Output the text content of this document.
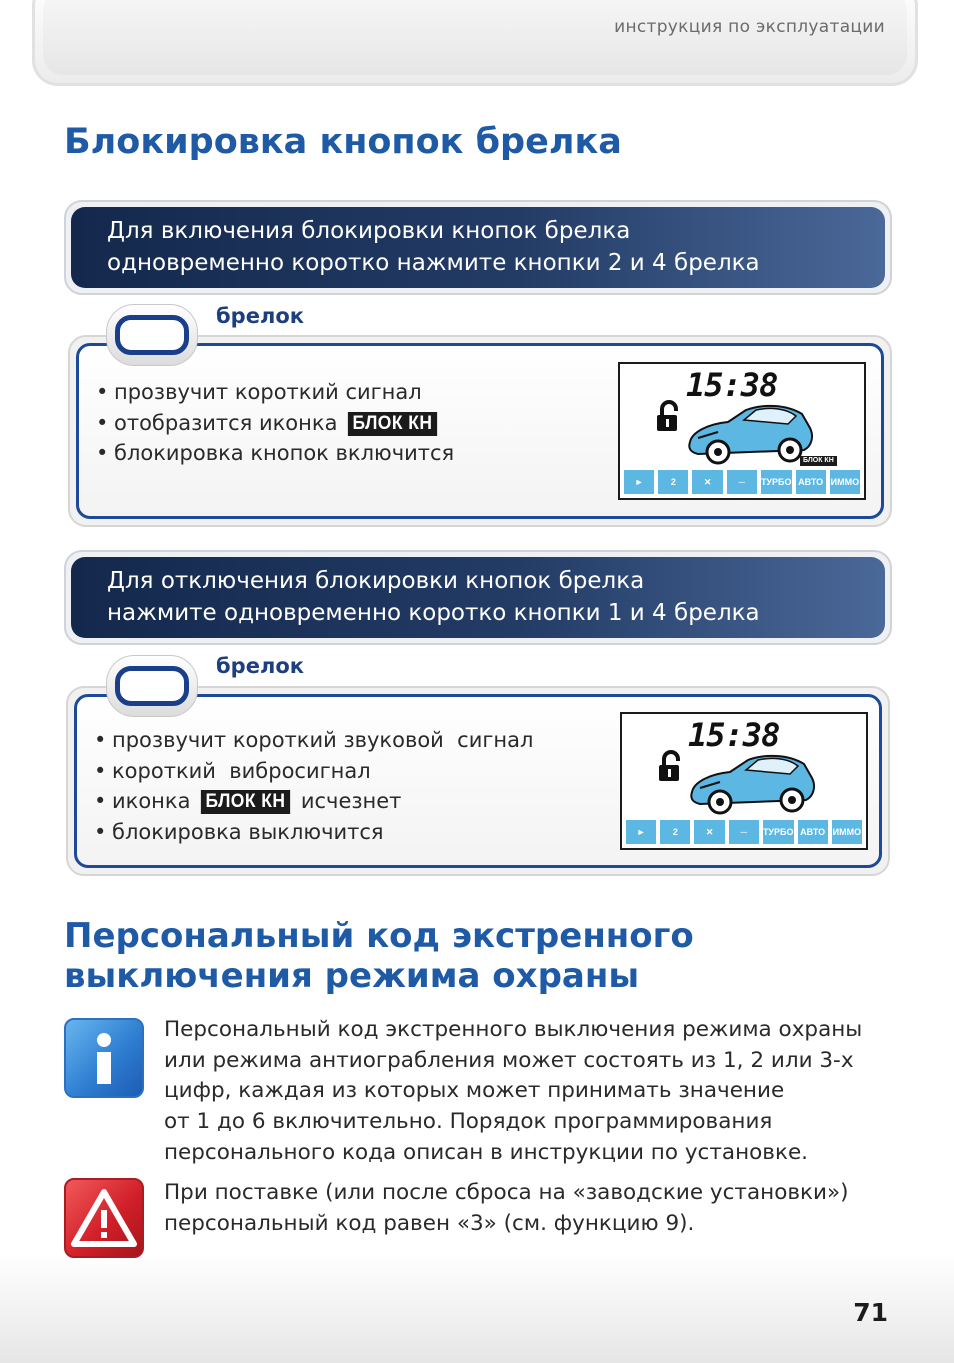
инструкция по эксплуатации
Блокировка кнопок брелка
Для включения блокировки кнопок брелка
одновременно коротко нажмите кнопки 2 и 4 брелка
брелок
• прозвучит короткий сигнал
• отобразится иконка БЛОК КН
• блокировка кнопок включится
15:38
БЛОК КН
►	2	✕	─	ТУРБО АВТО ИММО
Для отключения блокировки кнопок брелка
нажмите одновременно коротко кнопки 1 и 4 брелка
брелок
• прозвучит короткий звуковой  сигнал
• короткий  вибросигнал
• иконка БЛОК КН исчезнет
• блокировка выключится
15:38
►	2	✕	─	ТУРБО АВТО ИММО
Персональный код экстренного
выключения режима охраны

Персональный код экстренного выключения режима охраны
или режима антиограбления может состоять из 1, 2 или 3-х
цифр, каждая из которых может принимать значение
от 1 до 6 включительно. Порядок программирования
персонального кода описан в инструкции по установке.

При поставке (или после сброса на «заводские установки»)
персональный код равен «3» (см. функцию 9).

71
